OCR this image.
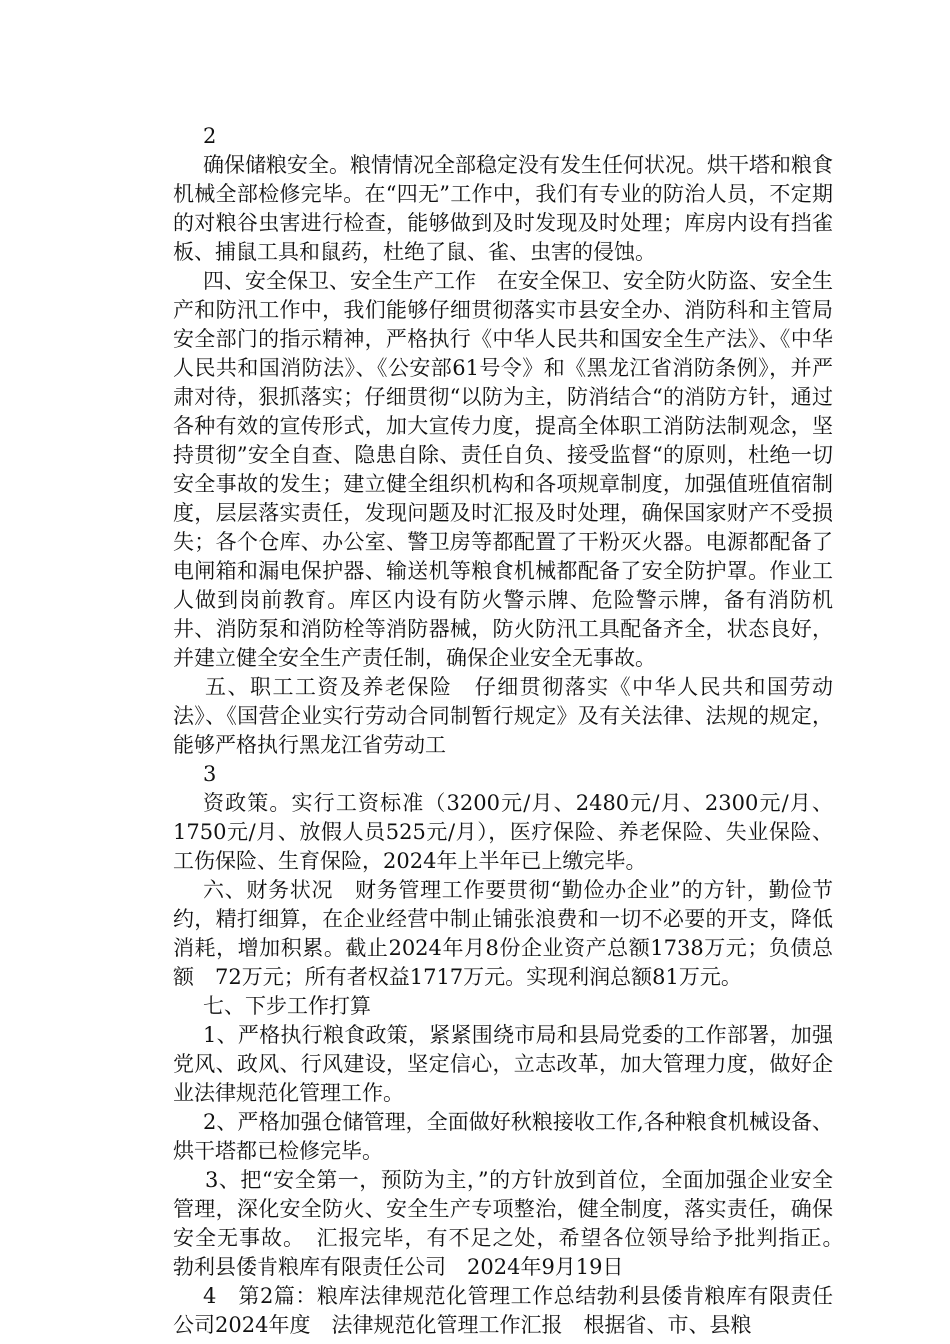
2

确保储粮安全。粮情情况全部稳定没有发生任何状况。烘干塔和粮食机械全部检修完毕。在“四无”工作中，我们有专业的防治人员，不定期的对粮谷虫害进行检查，能够做到及时发现及时处理；库房内设有挡雀板、捕鼠工具和鼠药，杜绝了鼠、雀、虫害的侵蚀。

四、安全保卫、安全生产工作　在安全保卫、安全防火防盗、安全生产和防汛工作中，我们能够仔细贯彻落实市县安全办、消防科和主管局安全部门的指示精神，严格执行《中华人民共和国安全生产法》、《中华人民共和国消防法》、《公安部61号令》和《黑龙江省消防条例》，并严肃对待，狠抓落实；仔细贯彻“以防为主，防消结合“的消防方针，通过各种有效的宣传形式，加大宣传力度，提高全体职工消防法制观念，坚持贯彻”安全自查、隐患自除、责任自负、接受监督“的原则，杜绝一切安全事故的发生；建立健全组织机构和各项规章制度，加强值班值宿制度，层层落实责任，发现问题及时汇报及时处理，确保国家财产不受损失；各个仓库、办公室、警卫房等都配置了干粉灭火器。电源都配备了电闸箱和漏电保护器、输送机等粮食机械都配备了安全防护罩。作业工人做到岗前教育。库区内设有防火警示牌、危险警示牌，备有消防机井、消防泵和消防栓等消防器械，防火防汛工具配备齐全，状态良好，并建立健全安全生产责任制，确保企业安全无事故。

五、职工工资及养老保险　仔细贯彻落实《中华人民共和国劳动法》、《国营企业实行劳动合同制暂行规定》及有关法律、法规的规定，能够严格执行黑龙江省劳动工

3

资政策。实行工资标准（3200元/月、2480元/月、2300元/月、1750元/月、放假人员525元/月），医疗保险、养老保险、失业保险、工伤保险、生育保险，2024年上半年已上缴完毕。

六、财务状况　财务管理工作要贯彻“勤俭办企业”的方针，勤俭节约，精打细算，在企业经营中制止铺张浪费和一切不必要的开支，降低消耗，增加积累。截止2024年月8份企业资产总额1738万元；负债总额　72万元；所有者权益1717万元。实现利润总额81万元。

七、下步工作打算

1、严格执行粮食政策，紧紧围绕市局和县局党委的工作部署，加强党风、政风、行风建设，坚定信心，立志改革，加大管理力度，做好企业法律规范化管理工作。

2、严格加强仓储管理，全面做好秋粮接收工作,各种粮食机械设备、烘干塔都已检修完毕。

3、把“安全第一，预防为主，”的方针放到首位，全面加强企业安全管理，深化安全防火、安全生产专项整治，健全制度，落实责任，确保安全无事故。　汇报完毕，有不足之处，希望各位领导给予批判指正。　勃利县倭肯粮库有限责任公司　2024年9月19日

4　第2篇：粮库法律规范化管理工作总结勃利县倭肯粮库有限责任公司2024年度　法律规范化管理工作汇报　根据省、市、县粮
